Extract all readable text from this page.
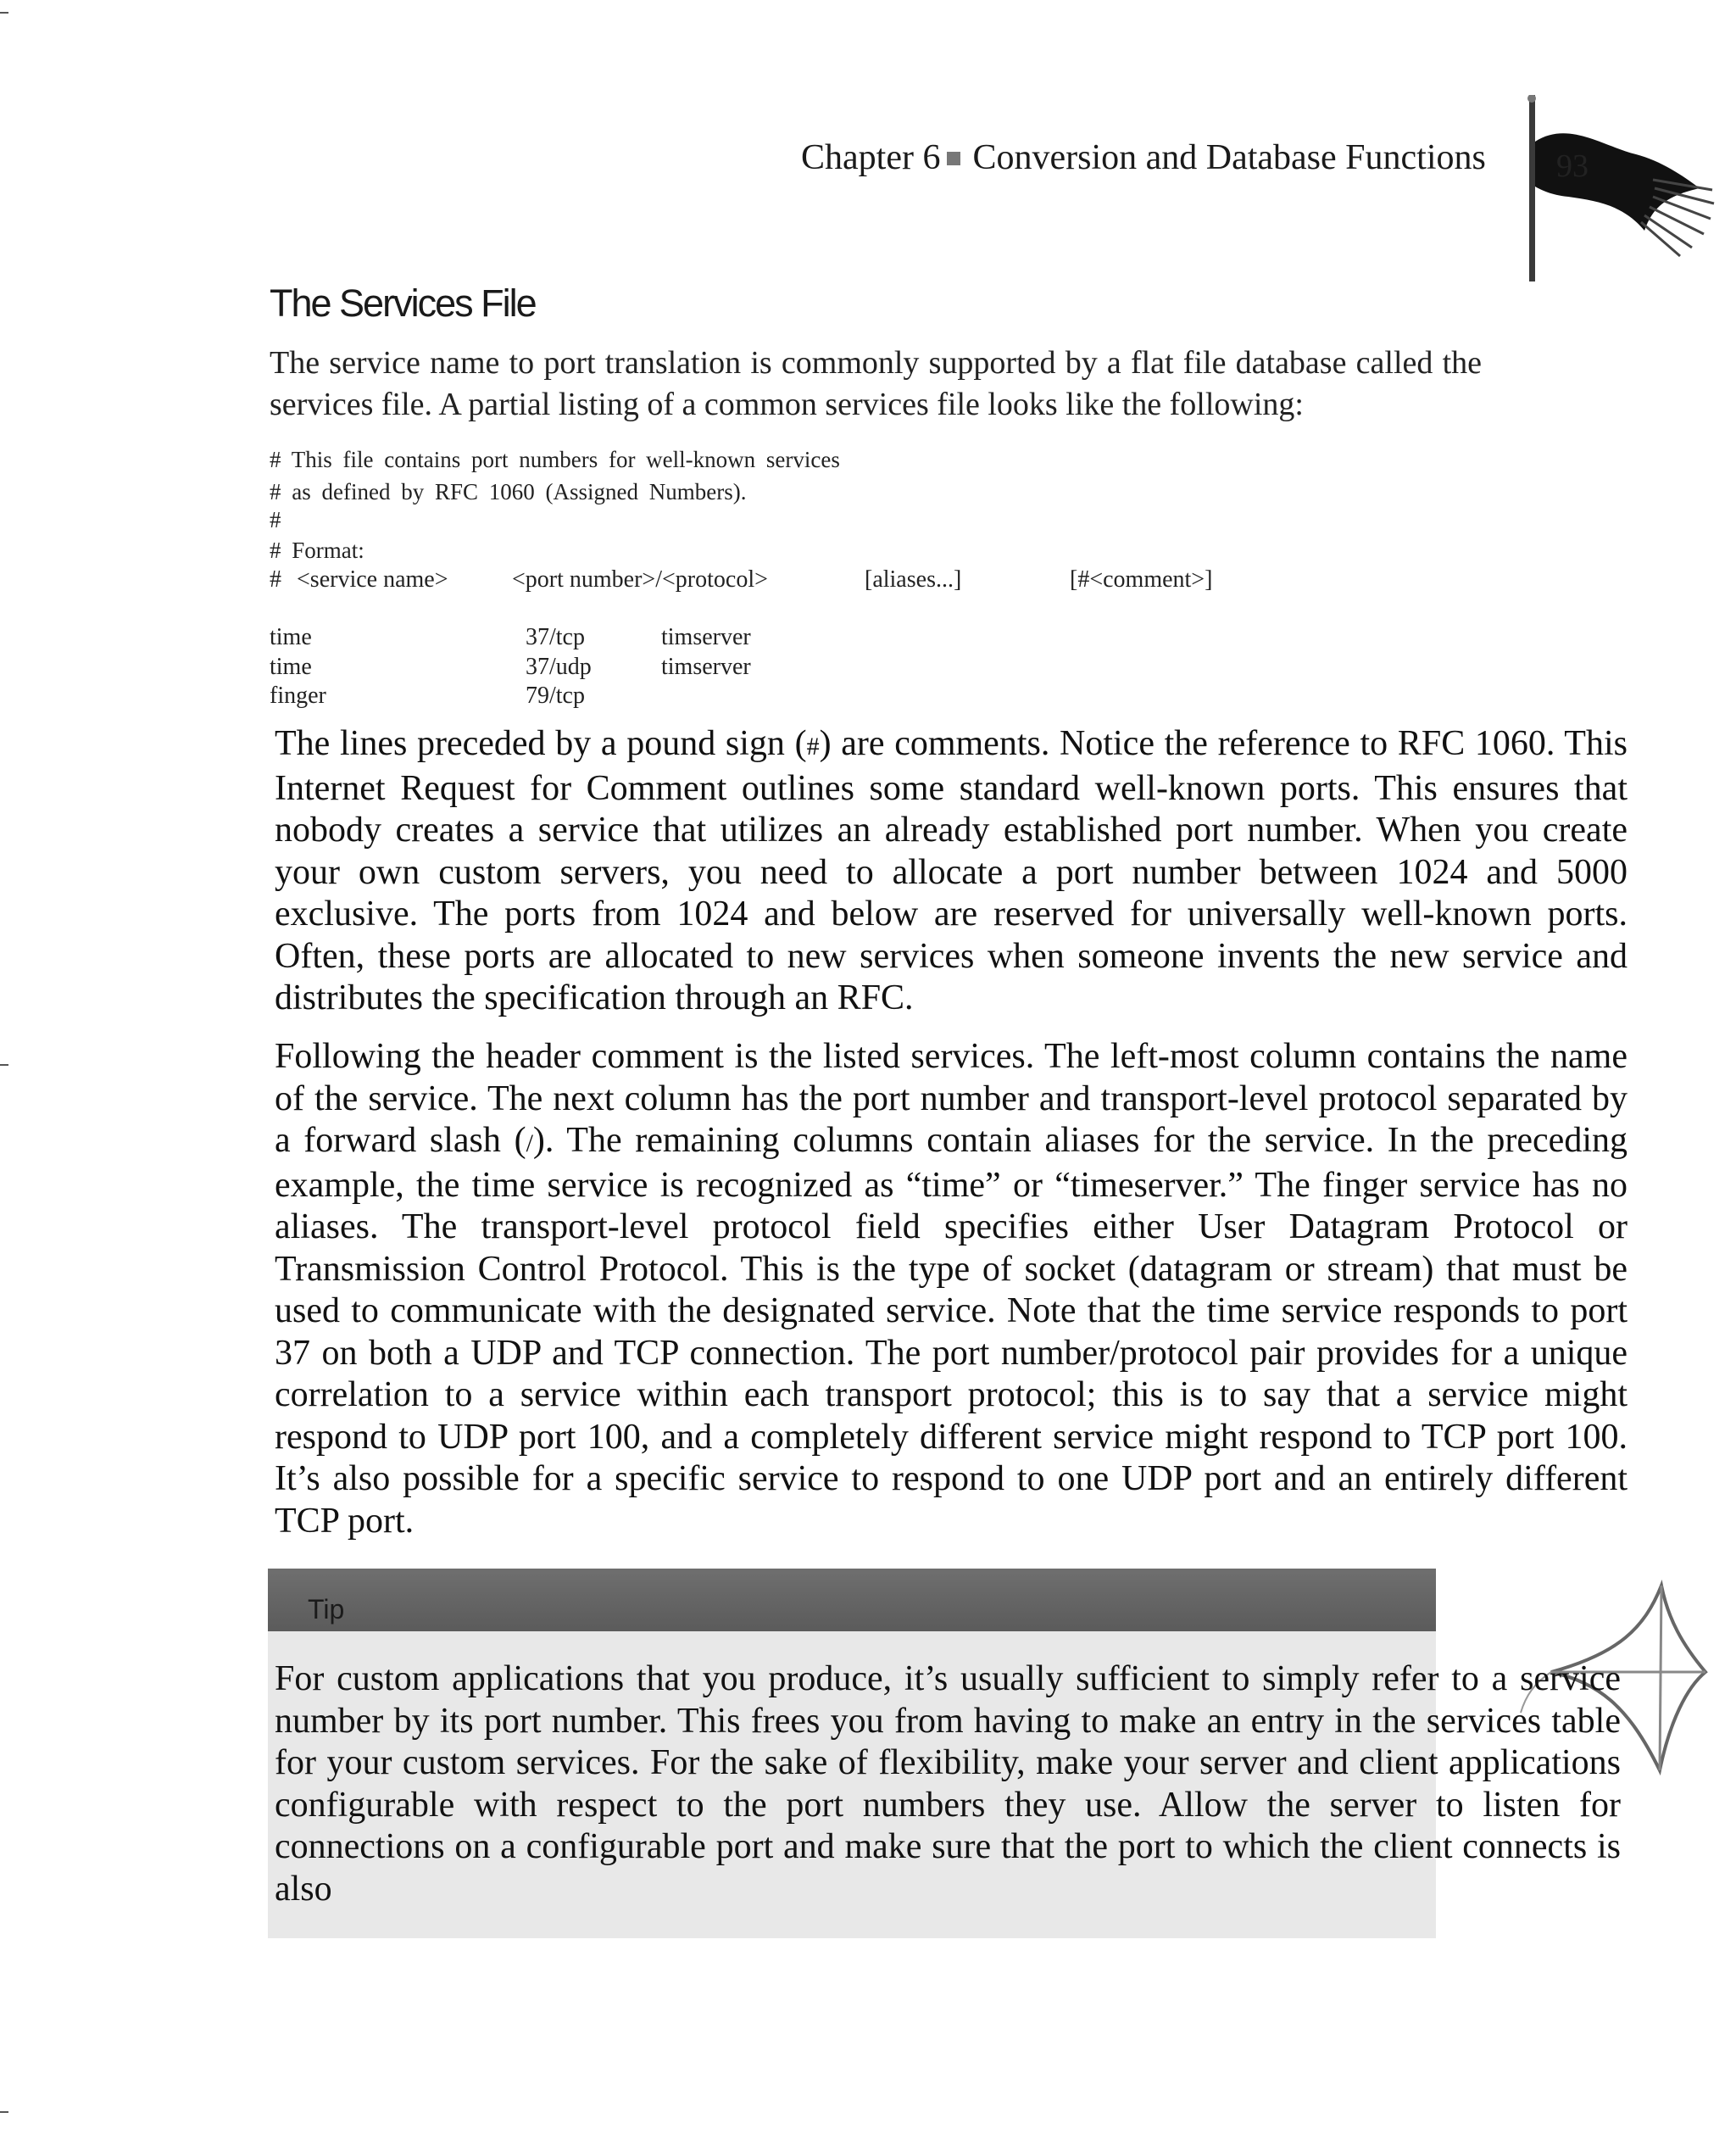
Chapter 6 Conversion and Database Functions 93
The Services File

The service name to port translation is commonly supported by a flat file database called the services file. A partial listing of a common services file looks like the following:

# This file contains port numbers for well-known services
# as defined by RFC 1060 (Assigned Numbers).
#
# Format:
# <service name>	<port number>/<protocol>	[aliases...]	[#<comment>]
time	37/tcp	timserver
time	37/udp	timserver
finger	79/tcp

The lines preceded by a pound sign (#) are comments. Notice the reference to RFC 1060. This Internet Request for Comment outlines some standard well-known ports. This ensures that nobody creates a service that utilizes an already established port number. When you create your own custom servers, you need to allocate a port number between 1024 and 5000 exclusive. The ports from 1024 and below are reserved for universally well-known ports. Often, these ports are allocated to new services when someone invents the new service and distributes the specification through an RFC.

Following the header comment is the listed services. The left-most column contains the name of the service. The next column has the port number and transport-level protocol separated by a forward slash (/). The remaining columns contain aliases for the service. In the preceding example, the time service is recognized as “time” or “timeserver.” The finger service has no aliases. The transport-level protocol field specifies either User Datagram Protocol or Transmission Control Protocol. This is the type of socket (datagram or stream) that must be used to communicate with the designated service. Note that the time service responds to port 37 on both a UDP and TCP connection. The port number/protocol pair provides for a unique correlation to a service within each transport protocol; this is to say that a service might respond to UDP port 100, and a completely different service might respond to TCP port 100. It’s also possible for a specific service to respond to one UDP port and an entirely different TCP port.

Tip

For custom applications that you produce, it’s usually sufficient to simply refer to a service number by its port number. This frees you from having to make an entry in the services table for your custom services. For the sake of flexibility, make your server and client applications configurable with respect to the port numbers they use. Allow the server to listen for connections on a configurable port and make sure that the port to which the client connects is also
